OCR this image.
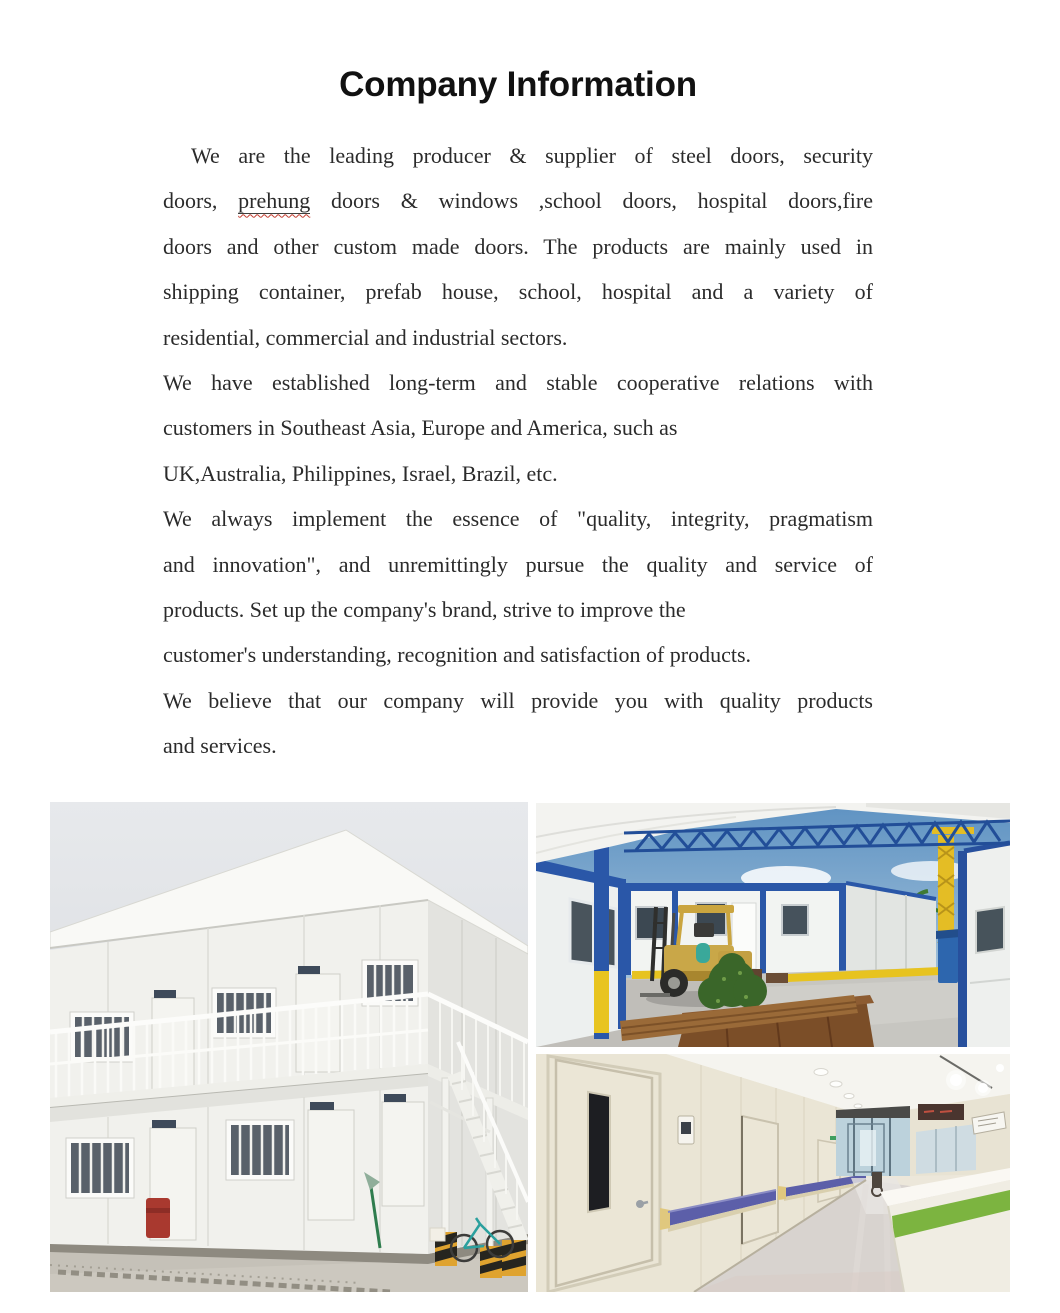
Company Information
We are the leading producer & supplier of steel doors, security
doors, prehung doors & windows ,school doors, hospital doors,fire
doors and other custom made doors. The products are mainly used in
shipping container, prefab house, school, hospital and a variety of
residential, commercial and industrial sectors.
We have established long-term and stable cooperative relations with
customers in Southeast Asia, Europe and America, such as
UK,Australia, Philippines, Israel, Brazil, etc.
We always implement the essence of "quality, integrity, pragmatism
and innovation", and unremittingly pursue the quality and service of
products. Set up the company's brand, strive to improve the
customer's understanding, recognition and satisfaction of products.
We believe that our company will provide you with quality products
and services.
